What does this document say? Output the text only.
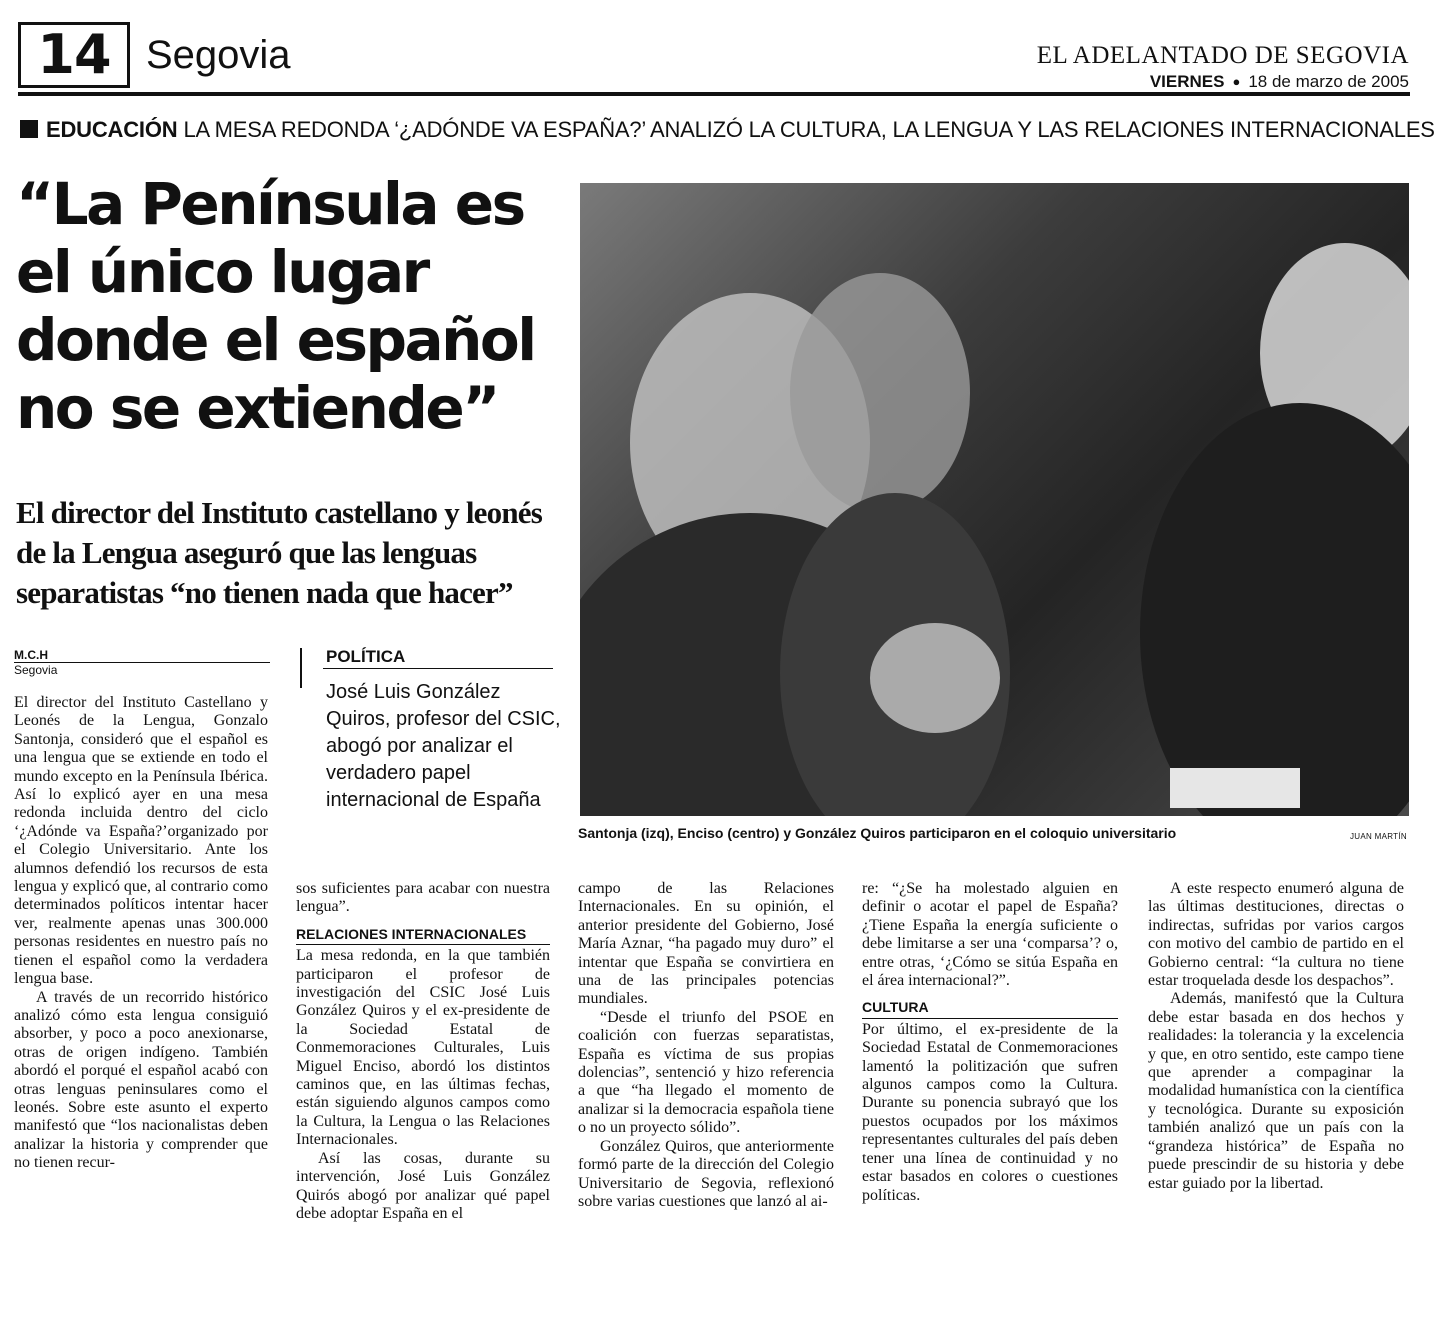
14 Segovia	EL ADELANTADO DE SEGOVIA
VIERNES ● 18 de marzo de 2005
EDUCACIÓN LA MESA REDONDA ‘¿ADÓNDE VA ESPAÑA?’ ANALIZÓ LA CULTURA, LA LENGUA Y LAS RELACIONES INTERNACIONALES
“La Península es
el único lugar
donde el español
no se extiende”
El director del Instituto castellano y leonés
de la Lengua aseguró que las lenguas
separatistas “no tienen nada que hacer”
Santonja (izq), Enciso (centro) y González Quiros participaron en el coloquio universitario	JUAN MARTÍN
M.C.H
Segovia
POLÍTICA

José Luis González Quiros, profesor del CSIC, abogó por analizar el verdadero papel internacional de España

El director del Instituto Castellano y Leonés de la Lengua, Gonzalo Santonja, consideró que el español es una lengua que se extiende en todo el mundo excepto en la Península Ibérica. Así lo explicó ayer en una mesa redonda incluida dentro del ciclo ‘¿Adónde va España?’organizado por el Colegio Universitario. Ante los alumnos defendió los recursos de esta lengua y explicó que, al contrario como determinados políticos intentar hacer ver, realmente apenas unas 300.000 personas residentes en nuestro país no tienen el español como la verdadera lengua base.

A través de un recorrido histórico analizó cómo esta lengua consiguió absorber, y poco a poco anexionarse, otras de origen indígeno. También abordó el porqué el español acabó con otras lenguas peninsulares como el leonés. Sobre este asunto el experto manifestó que “los nacionalistas deben analizar la historia y comprender que no tienen recur-

sos suficientes para acabar con nuestra lengua”.

RELACIONES INTERNACIONALES

La mesa redonda, en la que también participaron el profesor de investigación del CSIC José Luis González Quiros y el ex-presidente de la Sociedad Estatal de Conmemoraciones Culturales, Luis Miguel Enciso, abordó los distintos caminos que, en las últimas fechas, están siguiendo algunos campos como la Cultura, la Lengua o las Relaciones Internacionales.

Así las cosas, durante su intervención, José Luis González Quirós abogó por analizar qué papel debe adoptar España en el

campo de las Relaciones Internacionales. En su opinión, el anterior presidente del Gobierno, José María Aznar, “ha pagado muy duro” el intentar que España se convirtiera en una de las principales potencias mundiales.

“Desde el triunfo del PSOE en coalición con fuerzas separatistas, España es víctima de sus propias dolencias”, sentenció y hizo referencia a que “ha llegado el momento de analizar si la democracia española tiene o no un proyecto sólido”.

González Quiros, que anteriormente formó parte de la dirección del Colegio Universitario de Segovia, reflexionó sobre varias cuestiones que lanzó al ai-

re: “¿Se ha molestado alguien en definir o acotar el papel de España?¿Tiene España la energía suficiente o debe limitarse a ser una ‘comparsa’? o, entre otras, ‘¿Cómo se sitúa España en el área internacional?”.

CULTURA

Por último, el ex-presidente de la Sociedad Estatal de Conmemoraciones lamentó la politización que sufren algunos campos como la Cultura. Durante su ponencia subrayó que los puestos ocupados por los máximos representantes culturales del país deben tener una línea de continuidad y no estar basados en colores o cuestiones políticas.

A este respecto enumeró alguna de las últimas destituciones, directas o indirectas, sufridas por varios cargos con motivo del cambio de partido en el Gobierno central: “la cultura no tiene estar troquelada desde los despachos”.

Además, manifestó que la Cultura debe estar basada en dos hechos y realidades: la tolerancia y la excelencia y que, en otro sentido, este campo tiene que aprender a compaginar la modalidad humanística con la científica y tecnológica. Durante su exposición también analizó que un país con la “grandeza histórica” de España no puede prescindir de su historia y debe estar guiado por la libertad.
